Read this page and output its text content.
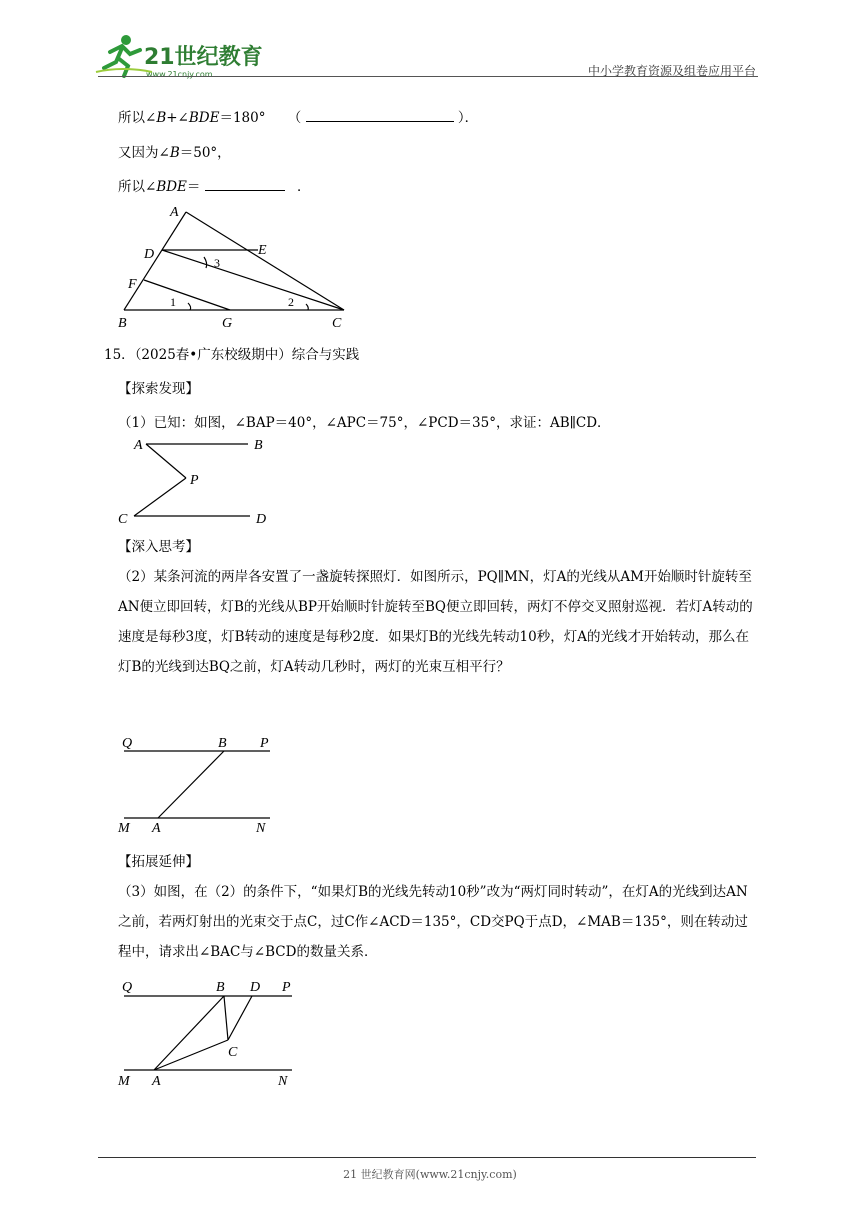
21世纪教育
www.21cnjy.com	中小学教育资源及组卷应用平台
所以∠B+∠BDE＝180° （	）．
又因为∠B＝50°，
所以∠BDE＝	．
A
D	E
F
B	G	C
3
1	2
15．（2025春•广东校级期中）综合与实践
【探索发现】
（1）已知：如图，∠BAP＝40°，∠APC＝75°，∠PCD＝35°，求证：AB∥CD．
A	B
P
C	D
【深入思考】
（2）某条河流的两岸各安置了一盏旋转探照灯．如图所示，PQ∥MN，灯A的光线从AM开始顺时针旋转至AN便立即回转，灯B的光线从BP开始顺时针旋转至BQ便立即回转，两灯不停交叉照射巡视．若灯A转动的速度是每秒3度，灯B转动的速度是每秒2度．如果灯B的光线先转动10秒，灯A的光线才开始转动，那么在灯B的光线到达BQ之前，灯A转动几秒时，两灯的光束互相平行？
Q	B P
M A	N
【拓展延伸】
（3）如图，在（2）的条件下，“如果灯B的光线先转动10秒”改为“两灯同时转动”，在灯A的光线到达AN之前，若两灯射出的光束交于点C，过C作∠ACD＝135°，CD交PQ于点D，∠MAB＝135°，则在转动过程中，请求出∠BAC与∠BCD的数量关系．
Q	B D P
C
M A	N
21 世纪教育网(www.21cnjy.com)
